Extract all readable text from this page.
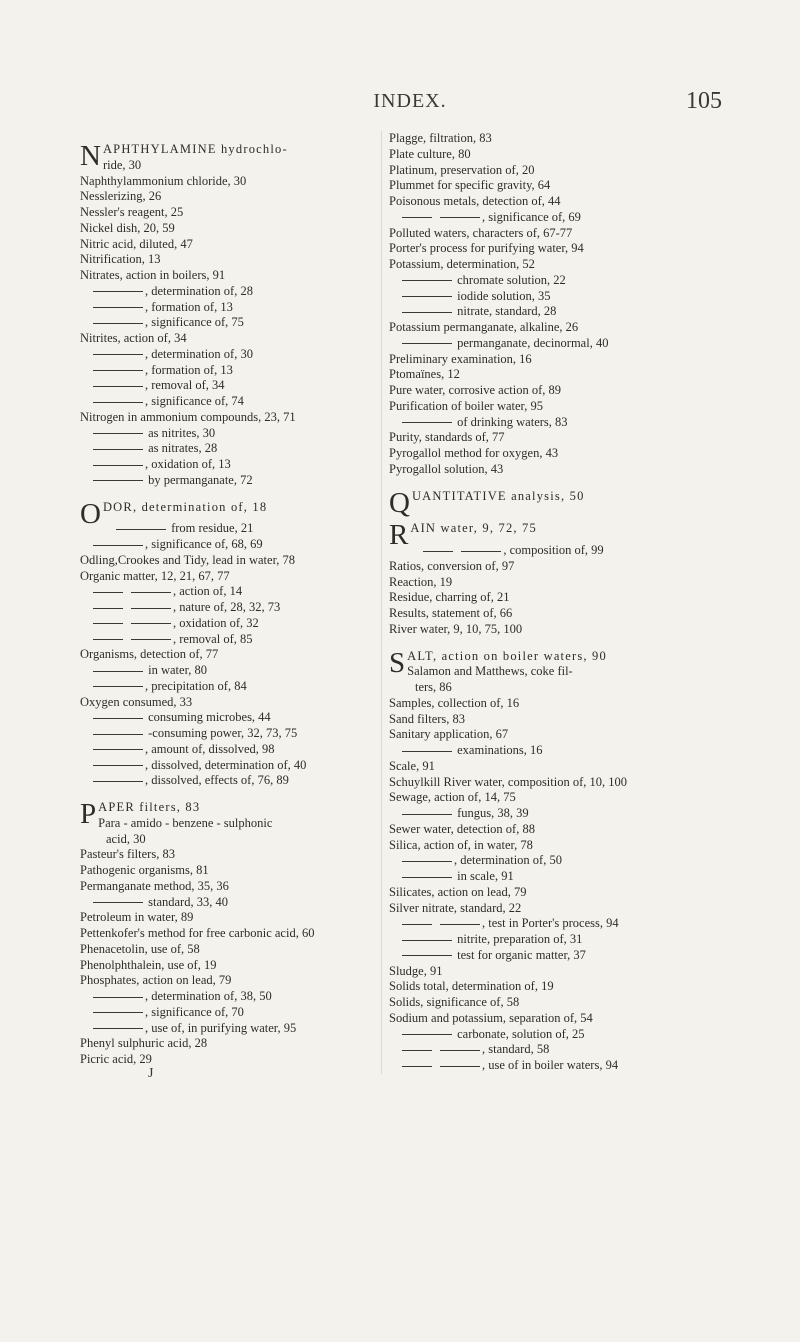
INDEX.	105
NAPHTHYLAMINE hydrochlo-
ride, 30
Naphthylammonium chloride, 30
Nesslerizing, 26
Nessler's reagent, 25
Nickel dish, 20, 59
Nitric acid, diluted, 47
Nitrification, 13
Nitrates, action in boilers, 91
, determination of, 28
, formation of, 13
, significance of, 75
Nitrites, action of, 34
, determination of, 30
, formation of, 13
, removal of, 34
, significance of, 74
Nitrogen in ammonium compounds, 23, 71
as nitrites, 30
as nitrates, 28
, oxidation of, 13
by permanganate, 72
ODOR, determination of, 18
from residue, 21
, significance of, 68, 69
Odling,Crookes and Tidy, lead in water, 78
Organic matter, 12, 21, 67, 77
, action of, 14
, nature of, 28, 32, 73
, oxidation of, 32
, removal of, 85
Organisms, detection of, 77
in water, 80
, precipitation of, 84
Oxygen consumed, 33
consuming microbes, 44
-consuming power, 32, 73, 75
, amount of, dissolved, 98
, dissolved, determination of, 40
, dissolved, effects of, 76, 89
PAPER filters, 83
Para - amido - benzene - sulphonic
acid, 30
Pasteur's filters, 83
Pathogenic organisms, 81
Permanganate method, 35, 36
standard, 33, 40
Petroleum in water, 89
Pettenkofer's method for free carbonic acid, 60
Phenacetolin, use of, 58
Phenolphthalein, use of, 19
Phosphates, action on lead, 79
, determination of, 38, 50
, significance of, 70
, use of, in purifying water, 95
Phenyl sulphuric acid, 28
Picric acid, 29
Plagge, filtration, 83
Plate culture, 80
Platinum, preservation of, 20
Plummet for specific gravity, 64
Poisonous metals, detection of, 44
, significance of, 69
Polluted waters, characters of, 67-77
Porter's process for purifying water, 94
Potassium, determination, 52
chromate solution, 22
iodide solution, 35
nitrate, standard, 28
Potassium permanganate, alkaline, 26
permanganate, decinormal, 40
Preliminary examination, 16
Ptomaïnes, 12
Pure water, corrosive action of, 89
Purification of boiler water, 95
of drinking waters, 83
Purity, standards of, 77
Pyrogallol method for oxygen, 43
Pyrogallol solution, 43
QUANTITATIVE analysis, 50
RAIN water, 9, 72, 75
, composition of, 99
Ratios, conversion of, 97
Reaction, 19
Residue, charring of, 21
Results, statement of, 66
River water, 9, 10, 75, 100
SALT, action on boiler waters, 90
Salamon and Matthews, coke fil-
ters, 86
Samples, collection of, 16
Sand filters, 83
Sanitary application, 67
examinations, 16
Scale, 91
Schuylkill River water, composition of, 10, 100
Sewage, action of, 14, 75
fungus, 38, 39
Sewer water, detection of, 88
Silica, action of, in water, 78
, determination of, 50
in scale, 91
Silicates, action on lead, 79
Silver nitrate, standard, 22
, test in Porter's process, 94
nitrite, preparation of, 31
test for organic matter, 37
Sludge, 91
Solids total, determination of, 19
Solids, significance of, 58
Sodium and potassium, separation of, 54
carbonate, solution of, 25
, standard, 58
, use of in boiler waters, 94
J
